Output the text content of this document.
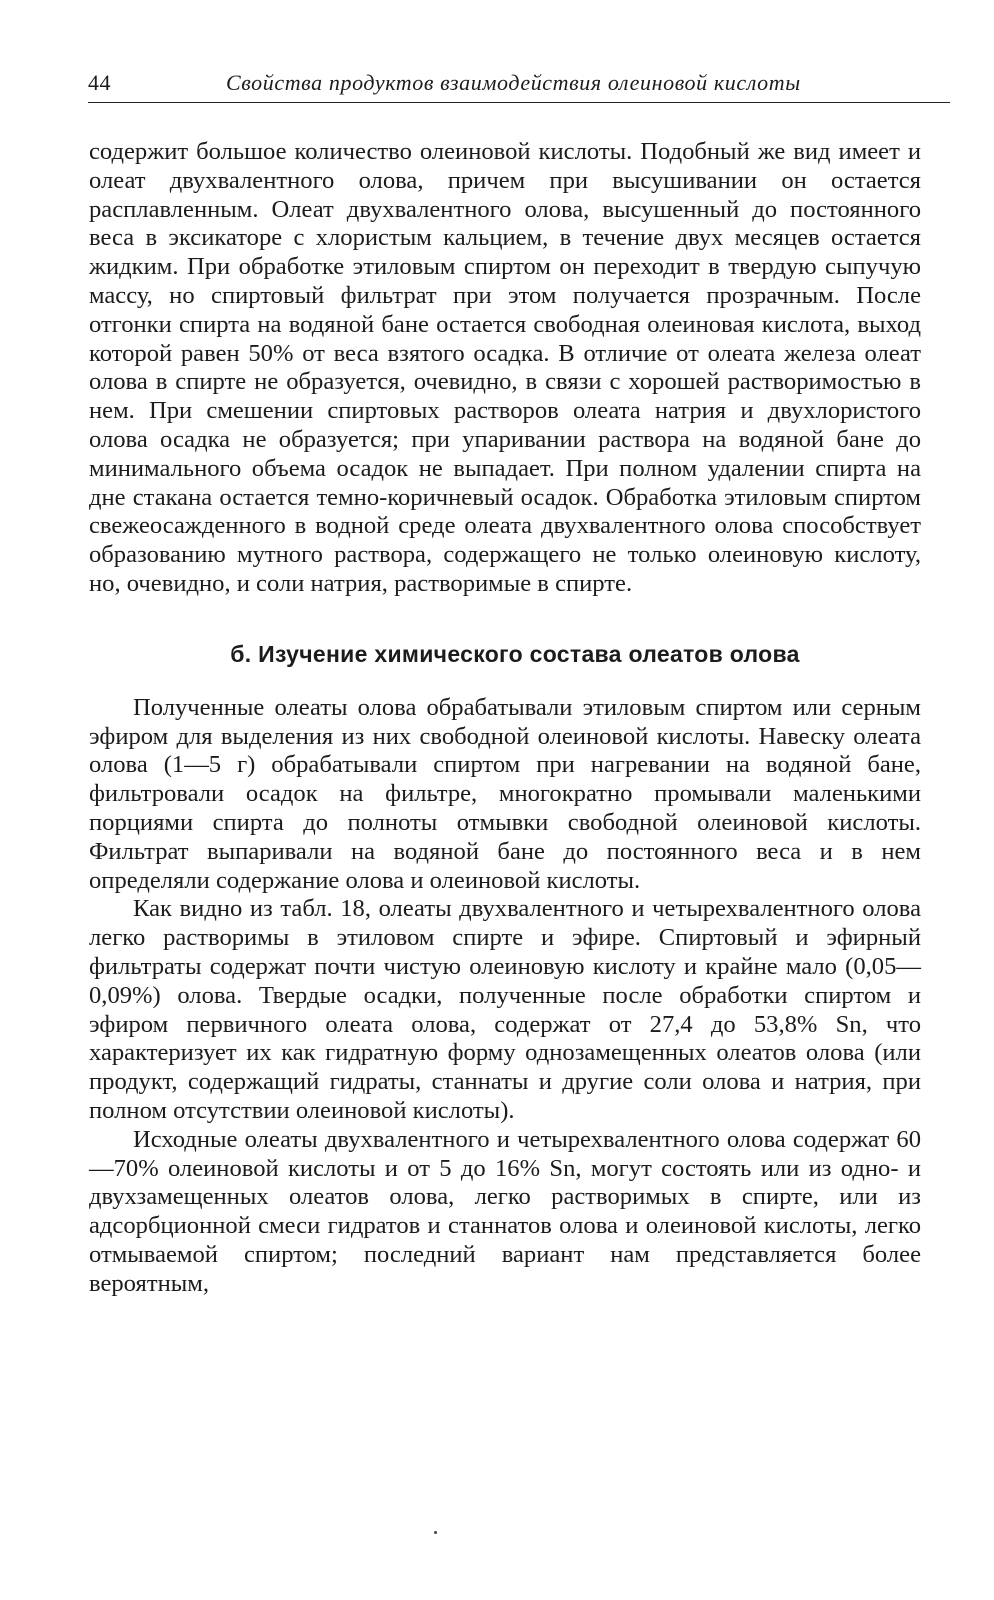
44	Свойства продуктов взаимодействия олеиновой кислоты

содержит большое количество олеиновой кислоты. Подобный же вид имеет и олеат двухвалентного олова, причем при высушивании он остается расплавленным. Олеат двухвалентного олова, высушенный до постоянного веса в эксикаторе с хлористым кальцием, в течение двух месяцев остается жидким. При обработке этиловым спиртом он переходит в твердую сыпучую массу, но спиртовый фильтрат при этом получается прозрачным. После отгонки спирта на водяной бане остается свободная олеиновая кислота, выход которой равен 50% от веса взятого осадка. В отличие от олеата железа олеат олова в спирте не образуется, очевидно, в связи с хорошей растворимостью в нем. При смешении спиртовых растворов олеата натрия и двухлористого олова осадка не образуется; при упаривании раствора на водяной бане до минимального объема осадок не выпадает. При полном удалении спирта на дне стакана остается темно-коричневый осадок. Обработка этиловым спиртом свежеосажденного в водной среде олеата двухвалентного олова способствует образованию мутного раствора, содержащего не только олеиновую кислоту, но, очевидно, и соли натрия, растворимые в спирте.

б. Изучение химического состава олеатов олова

Полученные олеаты олова обрабатывали этиловым спиртом или серным эфиром для выделения из них свободной олеиновой кислоты. Навеску олеата олова (1—5 г) обрабатывали спиртом при нагревании на водяной бане, фильтровали осадок на фильтре, многократно промывали маленькими порциями спирта до полноты отмывки свободной олеиновой кислоты. Фильтрат выпаривали на водяной бане до постоянного веса и в нем определяли содержание олова и олеиновой кислоты.

Как видно из табл. 18, олеаты двухвалентного и четырехвалентного олова легко растворимы в этиловом спирте и эфире. Спиртовый и эфирный фильтраты содержат почти чистую олеиновую кислоту и крайне мало (0,05—0,09%) олова. Твердые осадки, полученные после обработки спиртом и эфиром первичного олеата олова, содержат от 27,4 до 53,8% Sn, что характеризует их как гидратную форму однозамещенных олеатов олова (или продукт, содержащий гидраты, станнаты и другие соли олова и натрия, при полном отсутствии олеиновой кислоты).

Исходные олеаты двухвалентного и четырехвалентного олова содержат 60—70% олеиновой кислоты и от 5 до 16% Sn, могут состоять или из одно- и двухзамещенных олеатов олова, легко растворимых в спирте, или из адсорбционной смеси гидратов и станнатов олова и олеиновой кислоты, легко отмываемой спиртом; последний вариант нам представляется более вероятным,
